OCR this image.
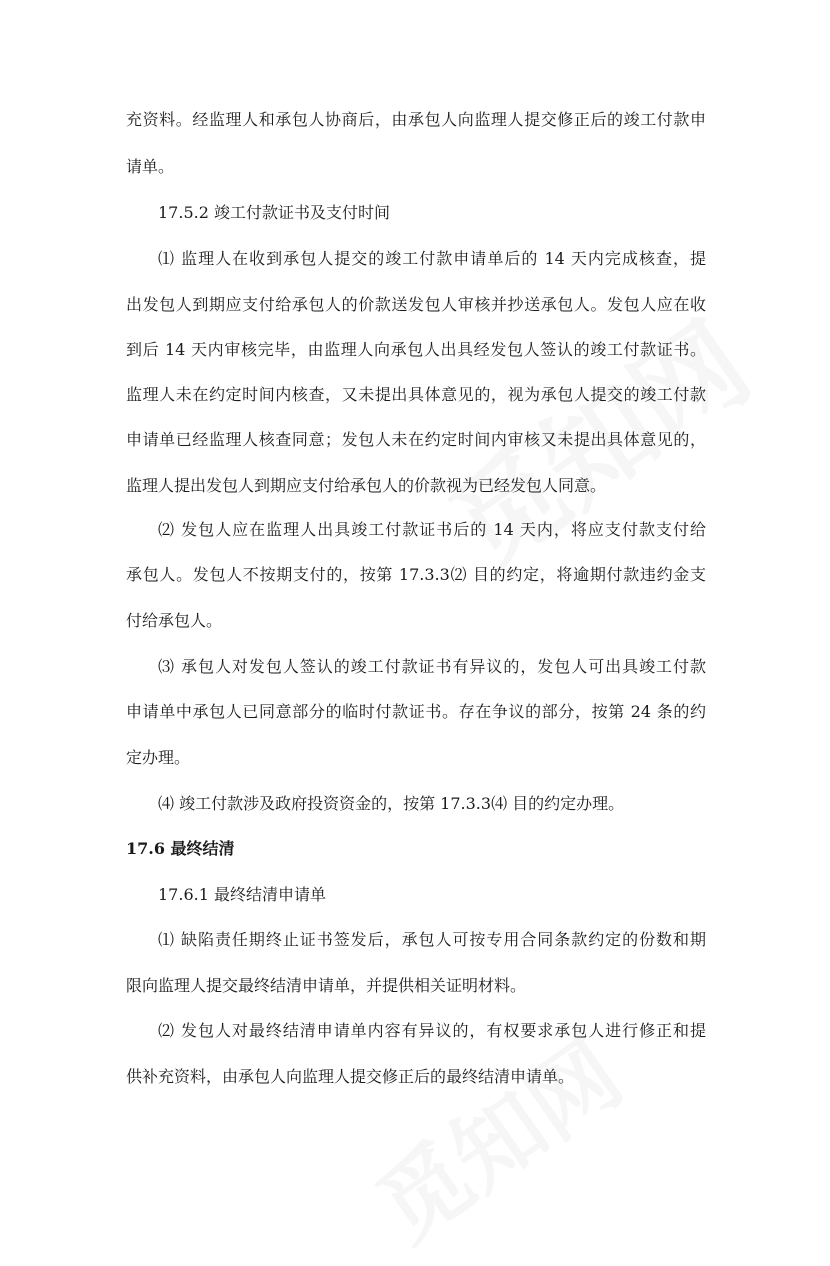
充资料。经监理人和承包人协商后，由承包人向监理人提交修正后的竣工付款申
请单。
17.5.2 竣工付款证书及支付时间
⑴ 监理人在收到承包人提交的竣工付款申请单后的 14 天内完成核查，提
出发包人到期应支付给承包人的价款送发包人审核并抄送承包人。发包人应在收
到后 14 天内审核完毕，由监理人向承包人出具经发包人签认的竣工付款证书。
监理人未在约定时间内核查，又未提出具体意见的，视为承包人提交的竣工付款
申请单已经监理人核查同意；发包人未在约定时间内审核又未提出具体意见的，
监理人提出发包人到期应支付给承包人的价款视为已经发包人同意。
⑵ 发包人应在监理人出具竣工付款证书后的 14 天内，将应支付款支付给
承包人。发包人不按期支付的，按第 17.3.3⑵ 目的约定，将逾期付款违约金支
付给承包人。
⑶ 承包人对发包人签认的竣工付款证书有异议的，发包人可出具竣工付款
申请单中承包人已同意部分的临时付款证书。存在争议的部分，按第 24 条的约
定办理。
⑷ 竣工付款涉及政府投资资金的，按第 17.3.3⑷ 目的约定办理。
17.6 最终结清
17.6.1 最终结清申请单
⑴ 缺陷责任期终止证书签发后，承包人可按专用合同条款约定的份数和期
限向监理人提交最终结清申请单，并提供相关证明材料。
⑵ 发包人对最终结清申请单内容有异议的，有权要求承包人进行修正和提
供补充资料，由承包人向监理人提交修正后的最终结清申请单。
